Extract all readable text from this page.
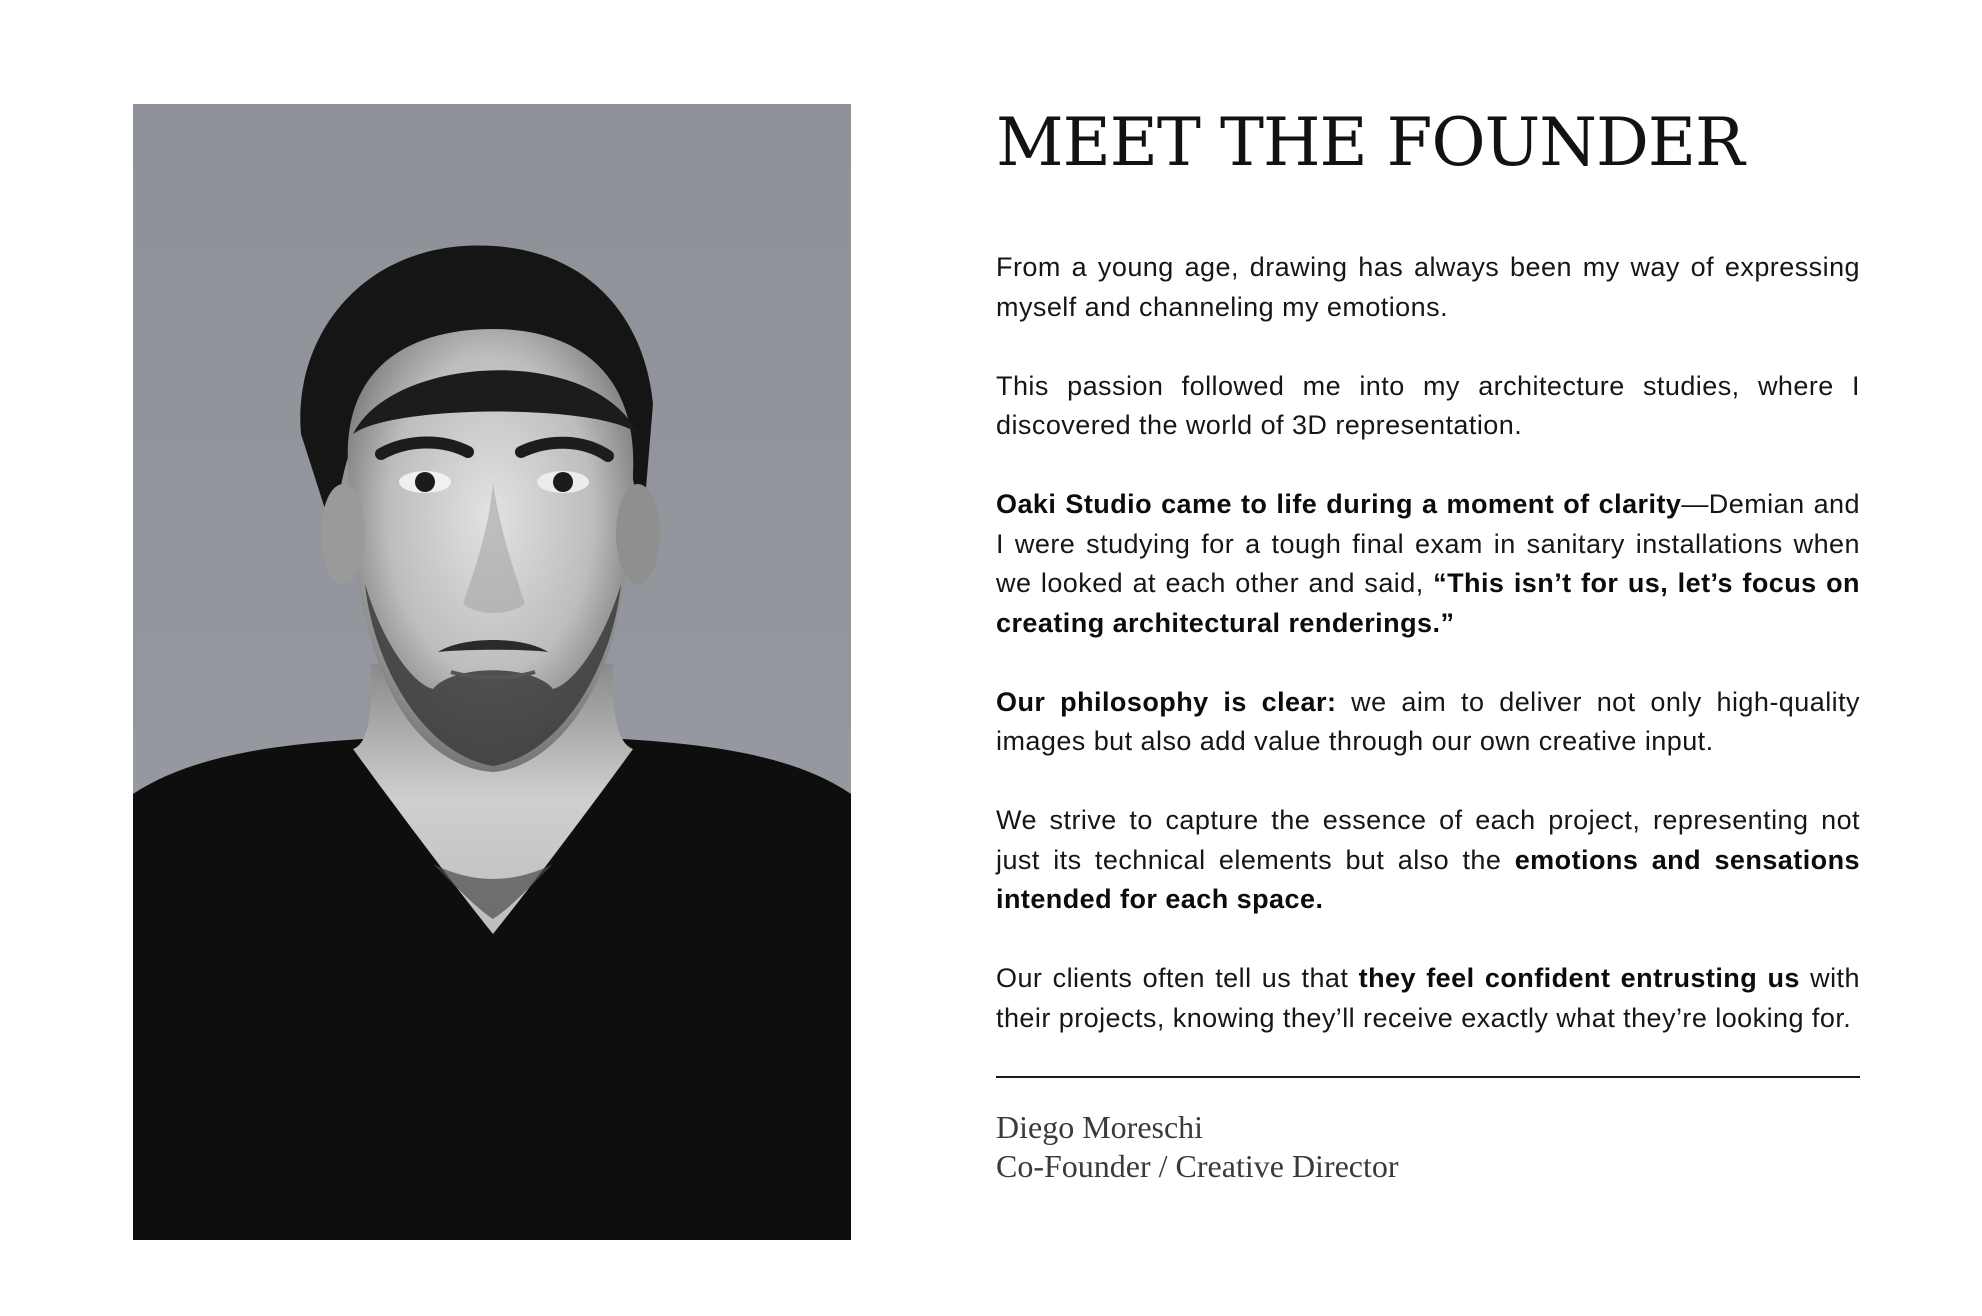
MEET THE FOUNDER

From a young age, drawing has always been my way of expressing myself and channeling my emotions.

This passion followed me into my architecture studies, where I discovered the world of 3D representation.

Oaki Studio came to life during a moment of clarity—Demian and I were studying for a tough final exam in sanitary installations when we looked at each other and said, “This isn’t for us, let’s focus on creating architectural renderings.”

Our philosophy is clear: we aim to deliver not only high-quality images but also add value through our own creative input.

We strive to capture the essence of each project, representing not just its technical elements but also the emotions and sensations intended for each space.

Our clients often tell us that they feel confident entrusting us with their projects, knowing they’ll receive exactly what they’re looking for.

Diego Moreschi
Co-Founder / Creative Director
